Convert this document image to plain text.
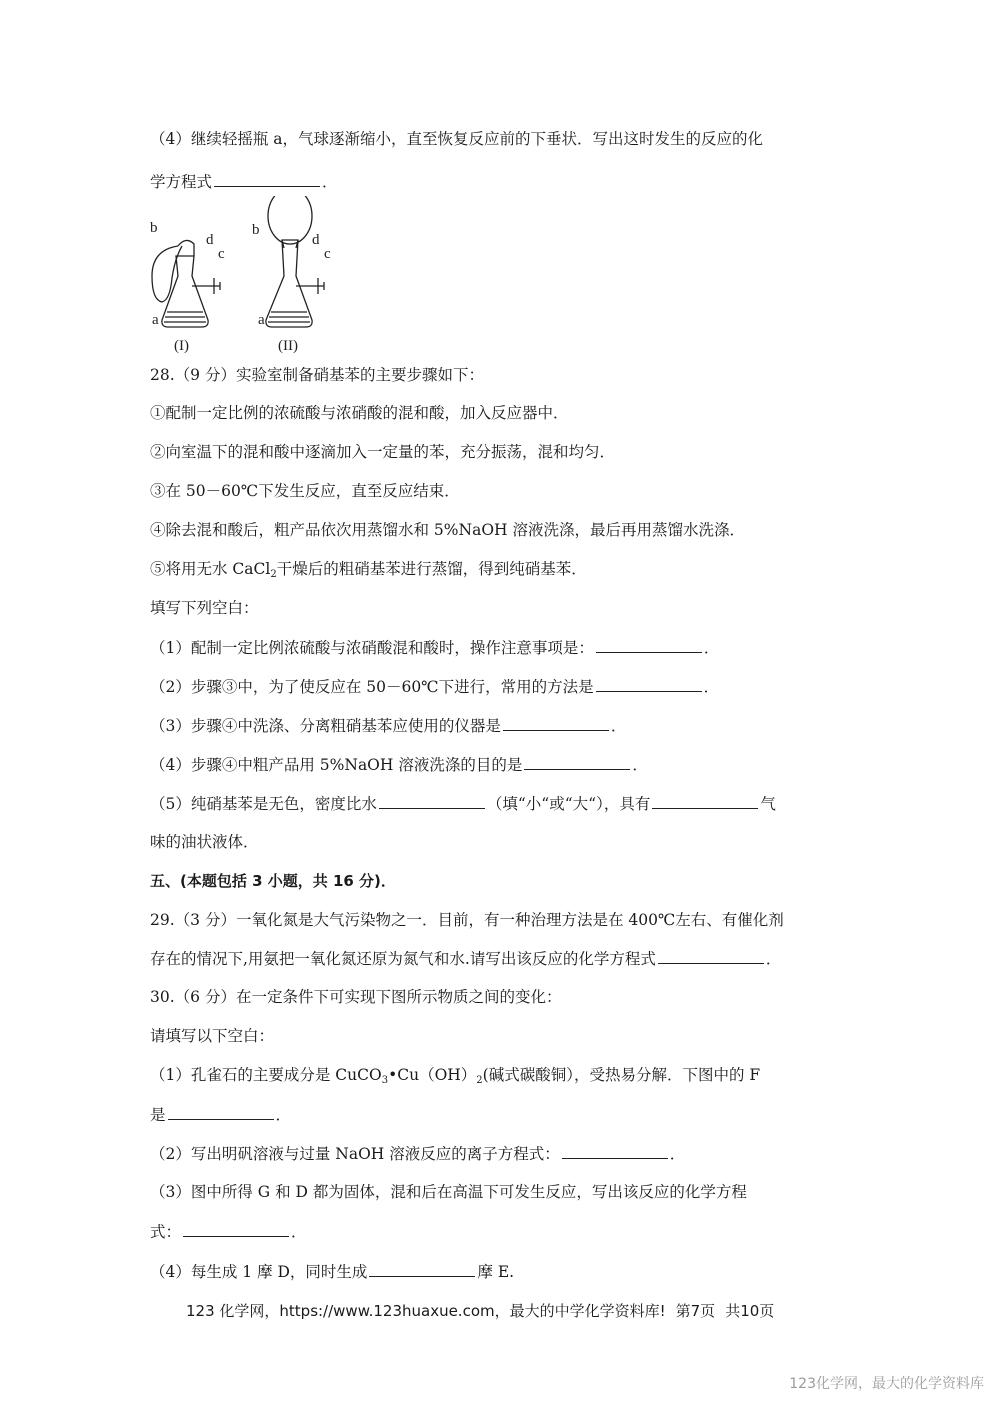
（4）继续轻摇瓶 a，气球逐渐缩小，直至恢复反应前的下垂状．写出这时发生的反应的化
学方程式	．
b
d
c
a
b
d
c
a
(I)	(II)
28.（9 分）实验室制备硝基苯的主要步骤如下：
①配制一定比例的浓硫酸与浓硝酸的混和酸，加入反应器中．
②向室温下的混和酸中逐滴加入一定量的苯，充分振荡，混和均匀．
③在 50－60℃下发生反应，直至反应结束．
④除去混和酸后，粗产品依次用蒸馏水和 5%NaOH 溶液洗涤，最后再用蒸馏水洗涤．
⑤将用无水 CaCl$_2$干燥后的粗硝基苯进行蒸馏，得到纯硝基苯．
填写下列空白：
（1）配制一定比例浓硫酸与浓硝酸混和酸时，操作注意事项是：	．
（2）步骤③中，为了使反应在 50－60℃下进行，常用的方法是	．
（3）步骤④中洗涤、分离粗硝基苯应使用的仪器是	．
（4）步骤④中粗产品用 5%NaOH 溶液洗涤的目的是	．
（5）纯硝基苯是无色，密度比水	（填“小“或“大“），具有	气
味的油状液体．
五、(本题包括 3 小题，共 16 分)．
29.（3 分）一氧化氮是大气污染物之一．目前，有一种治理方法是在 400℃左右、有催化剂
存在的情况下,用氨把一氧化氮还原为氮气和水.请写出该反应的化学方程式	．
30.（6 分）在一定条件下可实现下图所示物质之间的变化：
请填写以下空白：
（1）孔雀石的主要成分是 $CuCO_3•Cu(OH)_2$(碱式碳酸铜），受热易分解．下图中的 F
是	．
（2）写出明矾溶液与过量 NaOH 溶液反应的离子方程式：	．
（3）图中所得 G 和 D 都为固体，混和后在高温下可发生反应，写出该反应的化学方程
式：	．
（4）每生成 1 摩 D，同时生成	摩 E.
123 化学网，https://www.123huaxue.com，最大的中学化学资料库! 第7页 共10页
123化学网，最大的化学资料库
